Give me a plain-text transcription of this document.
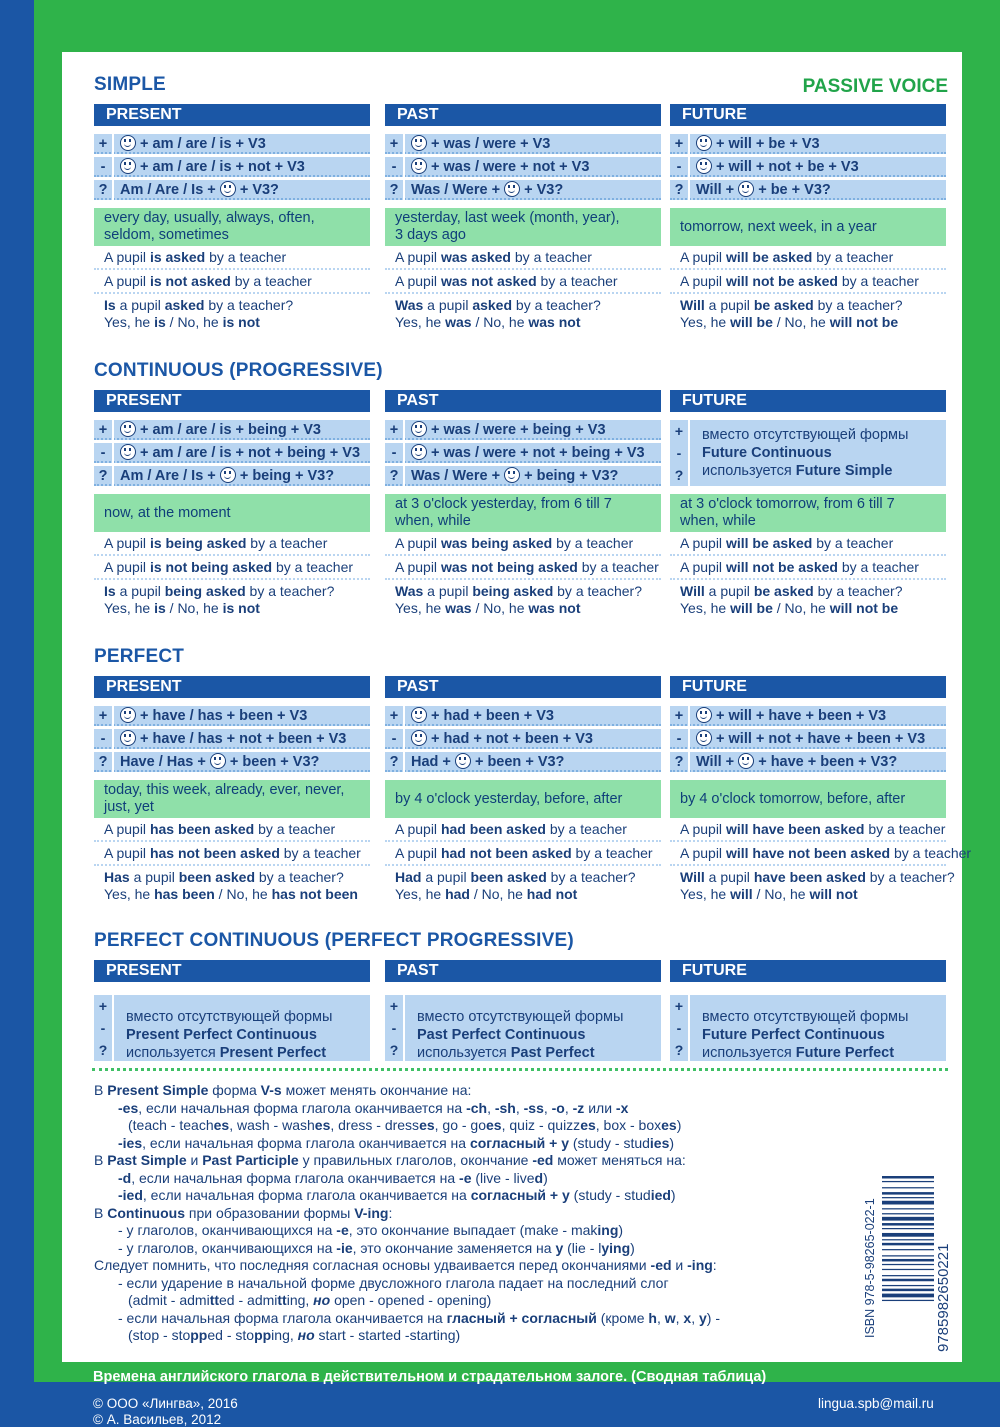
SIMPLE
PRESENT
+	+ am / are / is + V3
-	+ am / are / is + not + V3
? Am / Are / Is +  + V3?
every day, usually, always, often,
seldom, sometimes
A pupil is asked by a teacher
A pupil is not asked by a teacher
Is a pupil asked by a teacher?
Yes, he is / No, he is not
PAST
+	+ was / were + V3
-	+ was / were + not + V3
? Was / Were +  + V3?
yesterday, last week (month, year),
3 days ago
A pupil was asked by a teacher
A pupil was not asked by a teacher
Was a pupil asked by a teacher?
Yes, he was / No, he was not
FUTURE
+	+ will + be + V3
-	+ will + not + be + V3
? Will +  + be + V3?
tomorrow, next week, in a year
A pupil will be asked by a teacher
A pupil will not be asked by a teacher
Will a pupil be asked by a teacher?
Yes, he will be / No, he will not be
CONTINUOUS (PROGRESSIVE)
PRESENT
+	+ am / are / is + being + V3
-	+ am / are / is + not + being + V3
? Am / Are / Is +  + being + V3?
now, at the moment
A pupil is being asked by a teacher
A pupil is not being asked by a teacher
Is a pupil being asked by a teacher?
Yes, he is / No, he is not
PAST
+	+ was / were + being + V3
-	+ was / were + not + being + V3
? Was / Were +  + being + V3?
at 3 o'clock yesterday, from 6 till 7
when, while
A pupil was being asked by a teacher
A pupil was not being asked by a teacher
Was a pupil being asked by a teacher?
Yes, he was / No, he was not
FUTURE
+
-
?
вместо отсутствующей формы
Future Continuous
используется Future Simple
at 3 o'clock tomorrow, from 6 till 7
when, while
A pupil will be asked by a teacher
A pupil will not be asked by a teacher
Will a pupil be asked by a teacher?
Yes, he will be / No, he will not be
PERFECT
PRESENT
+	+ have / has + been + V3
-	+ have / has + not + been + V3
? Have / Has +  + been + V3?
today, this week, already, ever, never,
just, yet
A pupil has been asked by a teacher
A pupil has not been asked by a teacher
Has a pupil been asked by a teacher?
Yes, he has been / No, he has not been
PAST
+	+ had + been + V3
-	+ had + not + been + V3
? Had +  + been + V3?
by 4 o'clock yesterday, before, after
A pupil had been asked by a teacher
A pupil had not been asked by a teacher
Had a pupil been asked by a teacher?
Yes, he had / No, he had not
FUTURE
+	+ will + have + been + V3
-	+ will + not + have + been + V3
? Will +  + have + been + V3?
by 4 o'clock tomorrow, before, after
A pupil will have been asked by a teacher
A pupil will have not been asked by a teacher
Will a pupil have been asked by a teacher?
Yes, he will / No, he will not
PERFECT CONTINUOUS (PERFECT PROGRESSIVE)
PRESENT
+
-
?
вместо отсутствующей формы
Present Perfect Continuous
используется Present Perfect
PAST
+
-
?
вместо отсутствующей формы
Past Perfect Continuous
используется Past Perfect
FUTURE
+
-
?
вместо отсутствующей формы
Future Perfect Continuous
используется Future Perfect
PASSIVE VOICE
В Present Simple форма V-s может менять окончание на:
-es, если начальная форма глагола оканчивается на -ch, -sh, -ss, -o, -z или -x
(teach - teaches, wash - washes, dress - dresses, go - goes, quiz - quizzes, box - boxes)
-ies, если начальная форма глагола оканчивается на согласный + y (study - studies)
В Past Simple и Past Participle у правильных глаголов, окончание -ed может меняться на:
-d, если начальная форма глагола оканчивается на -e (live - lived)
-ied, если начальная форма глагола оканчивается на согласный + y (study - studied)
В Continuous при образовании формы V-ing:
- у глаголов, оканчивающихся на -e, это окончание выпадает (make - making)
- у глаголов, оканчивающихся на -ie, это окончание заменяется на y (lie - lying)
Следует помнить, что последняя согласная основы удваивается перед окончаниями -ed и -ing:
- если ударение в начальной форме двусложного глагола падает на последний слог
(admit - admitted - admitting, но open - opened - opening)
- если начальная форма глагола оканчивается на гласный + согласный (кроме h, w, x, y) -
(stop - stopped - stopping, но start - started -starting)	ISBN 978-5-98265-022-1	9785982650221
Времена английского глагола в действительном и страдательном залоге. (Сводная таблица)
© ООО «Лингва», 2016
© А. Васильев, 2012
lingua.spb@mail.ru
